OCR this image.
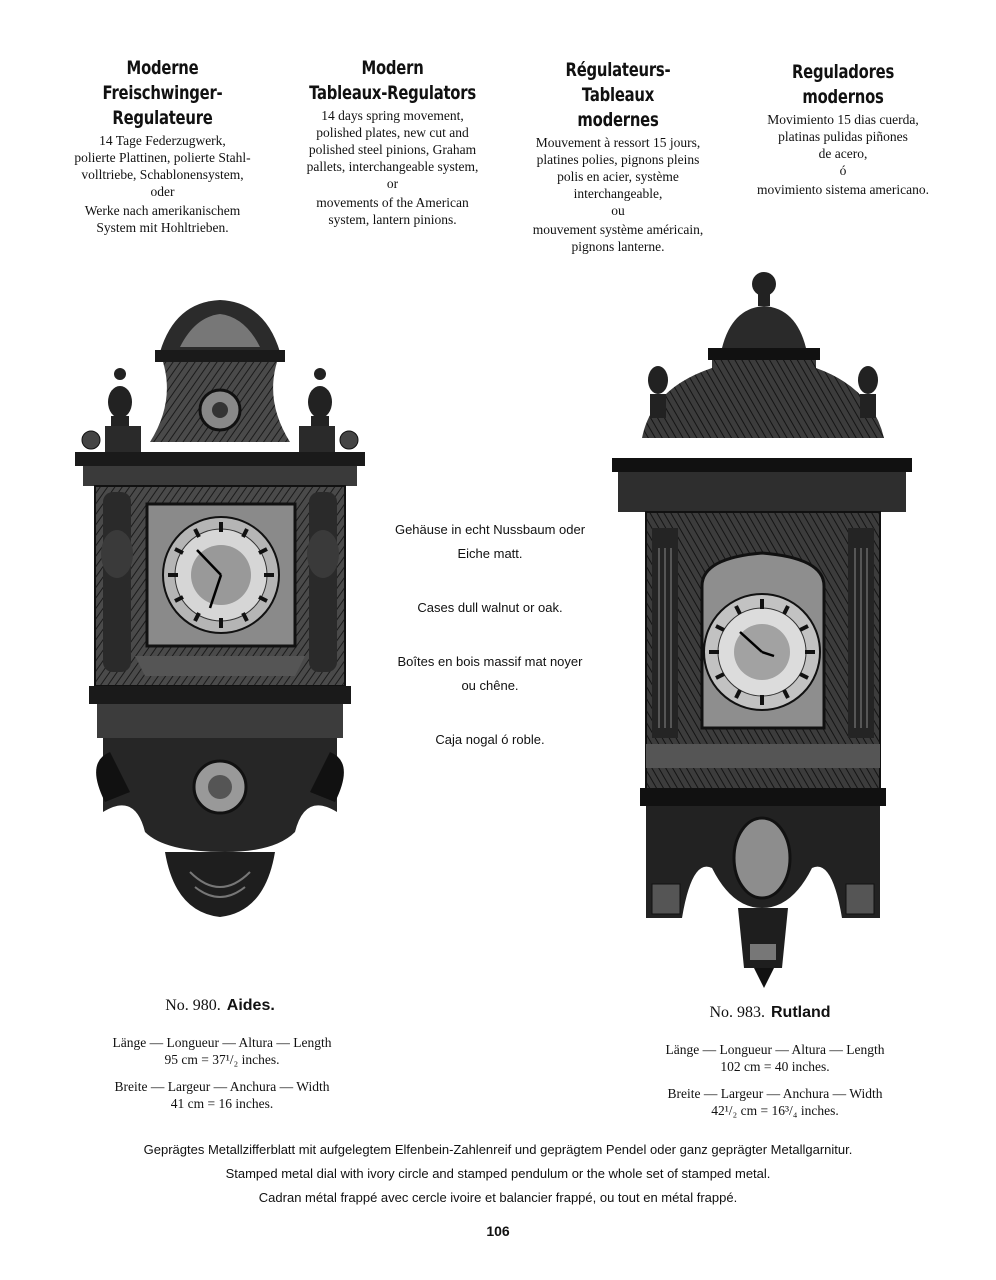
Moderne
Freischwinger-Regulateure

14 Tage Federzugwerk,

polierte Plattinen, polierte Stahl-

volltriebe, Schablonensystem,

oder

Werke nach amerikanischem

System mit Hohltrieben.

Modern
Tableaux-Regulators

14 days spring movement,

polished plates, new cut and

polished steel pinions, Graham

pallets, interchangeable system,

or

movements of the American

system, lantern pinions.

Régulateurs-Tableaux
modernes

Mouvement à ressort 15 jours,

platines polies, pignons pleins

polis en acier, système

interchangeable,

ou

mouvement système américain,

pignons lanterne.

Reguladores
modernos

Movimiento 15 dias cuerda,

platinas pulidas piñones

de acero,

ó

movimiento sistema americano.

Gehäuse in echt Nussbaum oder

Eiche matt.

Cases dull walnut or oak.

Boîtes en bois massif mat noyer

ou chêne.

Caja nogal ó roble.

No. 980. Aides.

Länge — Longueur — Altura — Length

95 cm = 37¹/₂ inches.

Breite — Largeur — Anchura — Width

41 cm = 16 inches.

No. 983. Rutland

Länge — Longueur — Altura — Length

102 cm = 40 inches.

Breite — Largeur — Anchura — Width

42¹/₂ cm = 16³/₄ inches.

Geprägtes Metallzifferblatt mit aufgelegtem Elfenbein-Zahlenreif und geprägtem Pendel oder ganz geprägter Metallgarnitur.

Stamped metal dial with ivory circle and stamped pendulum or the whole set of stamped metal.

Cadran métal frappé avec cercle ivoire et balancier frappé, ou tout en métal frappé.

106
